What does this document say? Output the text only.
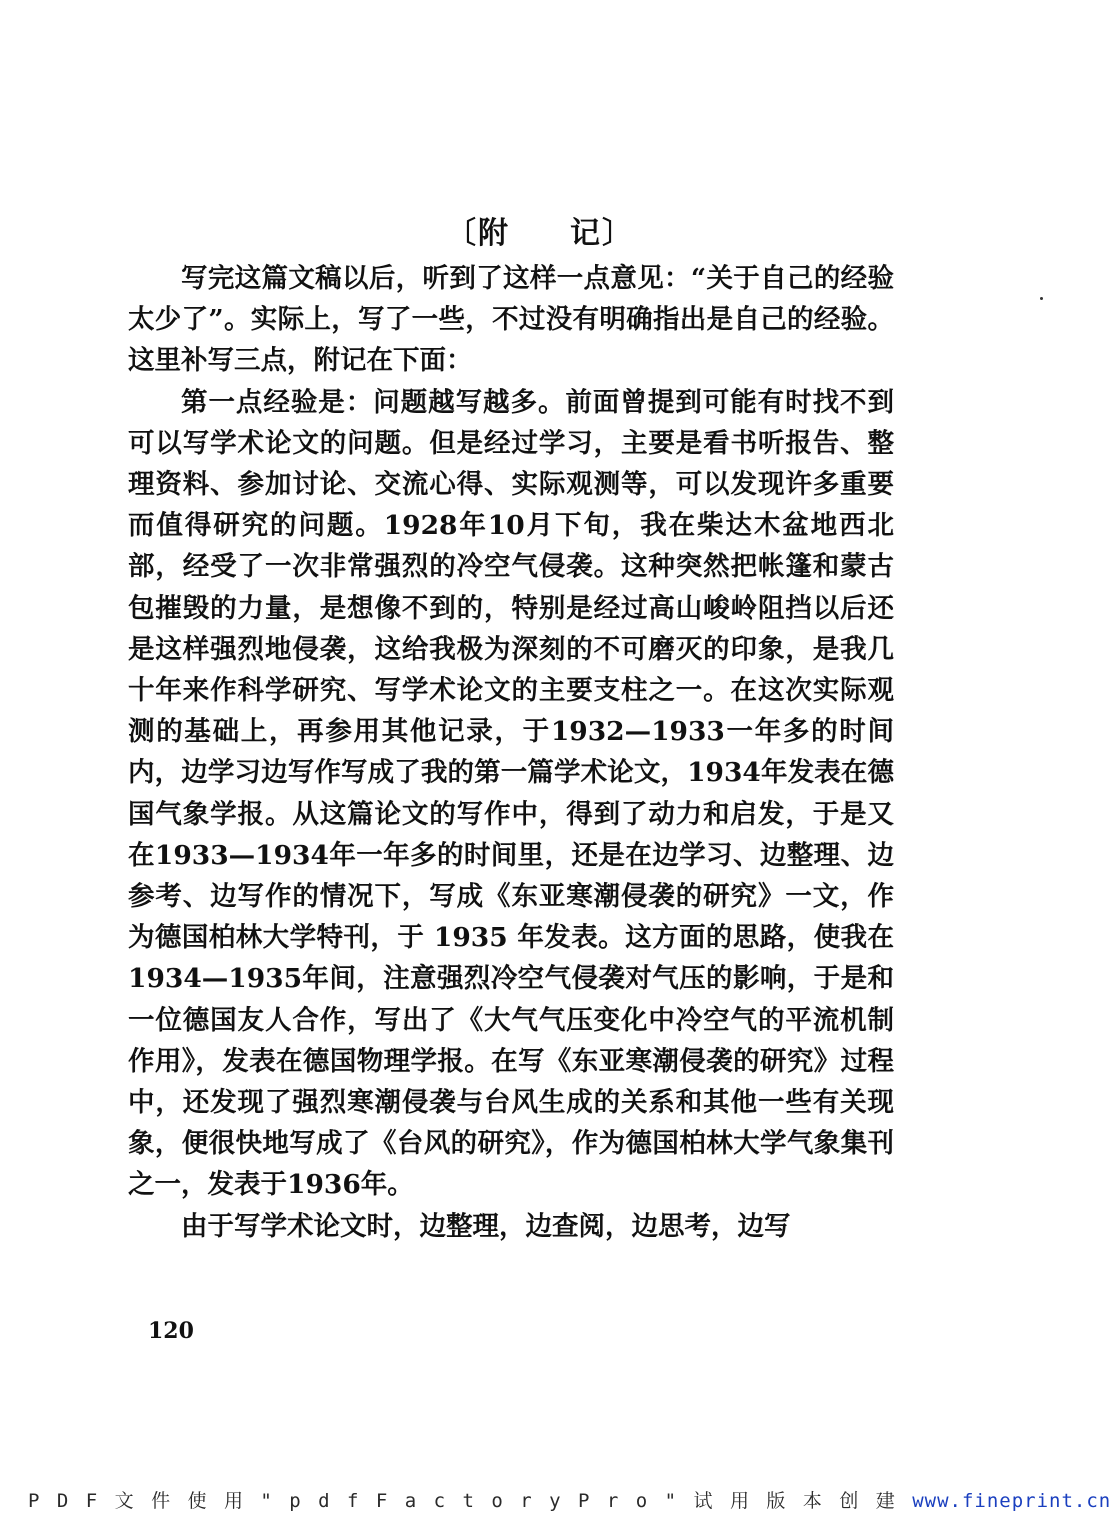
〔附 记〕

写完这篇文稿以后，听到了这样一点意见：“关于自己的经验太少了”。实际上，写了一些，不过没有明确指出是自己的经验。这里补写三点，附记在下面：

第一点经验是：问题越写越多。前面曾提到可能有时找不到可以写学术论文的问题。但是经过学习，主要是看书听报告、整理资料、参加讨论、交流心得、实际观测等，可以发现许多重要而值得研究的问题。1928年10月下旬，我在柴达木盆地西北部，经受了一次非常强烈的冷空气侵袭。这种突然把帐篷和蒙古包摧毁的力量，是想像不到的，特别是经过高山峻岭阻挡以后还是这样强烈地侵袭，这给我极为深刻的不可磨灭的印象，是我几十年来作科学研究、写学术论文的主要支柱之一。在这次实际观测的基础上，再参用其他记录，于1932—1933一年多的时间内，边学习边写作写成了我的第一篇学术论文，1934年发表在德国气象学报。从这篇论文的写作中，得到了动力和启发，于是又在1933—1934年一年多的时间里，还是在边学习、边整理、边参考、边写作的情况下，写成《东亚寒潮侵袭的研究》一文，作为德国柏林大学特刊，于 1935 年发表。这方面的思路，使我在 1934—1935年间，注意强烈冷空气侵袭对气压的影响，于是和一位德国友人合作，写出了《大气气压变化中冷空气的平流机制作用》，发表在德国物理学报。在写《东亚寒潮侵袭的研究》过程中，还发现了强烈寒潮侵袭与台风生成的关系和其他一些有关现象，便很快地写成了《台风的研究》，作为德国柏林大学气象集刊之一，发表于1936年。

由于写学术论文时，边整理，边查阅，边思考，边写

120
P D F 文 件 使 用 " p d f F a c t o r y P r o " 试 用 版 本 创 建 www.fineprint.cn
